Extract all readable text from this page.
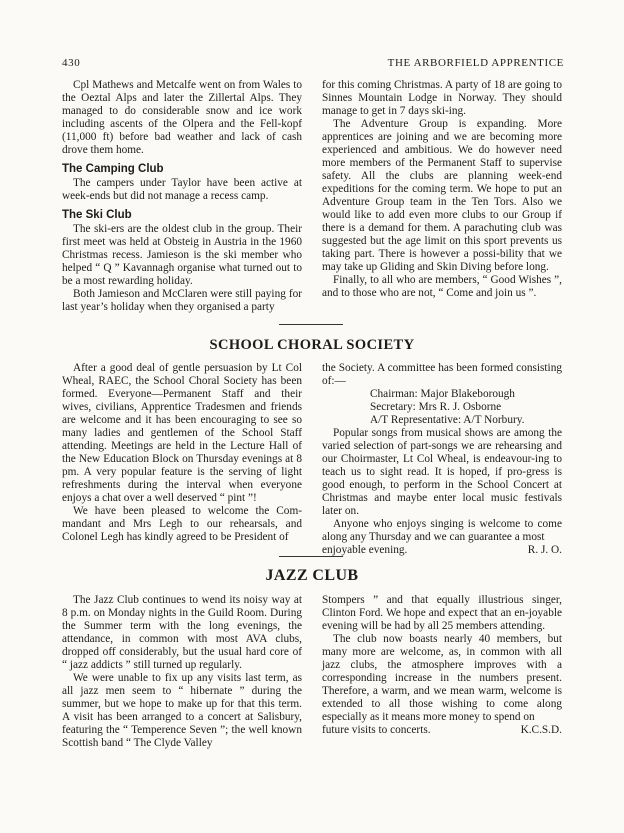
430	THE ARBORFIELD APPRENTICE

Cpl Mathews and Metcalfe went on from Wales to the Oeztal Alps and later the Zillertal Alps. They managed to do considerable snow and ice work including ascents of the Olpera and the Fell-kopf (11,000 ft) before bad weather and lack of cash drove them home.

The Camping Club

The campers under Taylor have been active at week-ends but did not manage a recess camp.

The Ski Club

The ski-ers are the oldest club in the group. Their first meet was held at Obsteig in Austria in the 1960 Christmas recess. Jamieson is the ski member who helped “ Q ” Kavannagh organise what turned out to be a most rewarding holiday.

Both Jamieson and McClaren were still paying for last year’s holiday when they organised a party

for this coming Christmas. A party of 18 are going to Sinnes Mountain Lodge in Norway. They should manage to get in 7 days ski-ing.

The Adventure Group is expanding. More apprentices are joining and we are becoming more experienced and ambitious. We do however need more members of the Permanent Staff to supervise safety. All the clubs are planning week-end expeditions for the coming term. We hope to put an Adventure Group team in the Ten Tors. Also we would like to add even more clubs to our Group if there is a demand for them. A parachuting club was suggested but the age limit on this sport prevents us taking part. There is however a possi-bility that we may take up Gliding and Skin Diving before long.

Finally, to all who are members, “ Good Wishes ”, and to those who are not, “ Come and join us ”.

SCHOOL CHORAL SOCIETY

After a good deal of gentle persuasion by Lt Col Wheal, RAEC, the School Choral Society has been formed. Everyone—Permanent Staff and their wives, civilians, Apprentice Tradesmen and friends are welcome and it has been encouraging to see so many ladies and gentlemen of the School Staff attending. Meetings are held in the Lecture Hall of the New Education Block on Thursday evenings at 8 pm. A very popular feature is the serving of light refreshments during the interval when everyone enjoys a chat over a well deserved “ pint ”!

We have been pleased to welcome the Com-mandant and Mrs Legh to our rehearsals, and Colonel Legh has kindly agreed to be President of

the Society. A committee has been formed consisting of:—

Chairman: Major Blakeborough

Secretary: Mrs R. J. Osborne

A/T Representative: A/T Norbury.

Popular songs from musical shows are among the varied selection of part-songs we are rehearsing and our Choirmaster, Lt Col Wheal, is endeavour-ing to teach us to sight read. It is hoped, if pro-gress is good enough, to perform in the School Concert at Christmas and maybe enter local music festivals later on.

Anyone who enjoys singing is welcome to come along any Thursday and we can guarantee a most

enjoyable evening.	R. J. O.
JAZZ CLUB

The Jazz Club continues to wend its noisy way at 8 p.m. on Monday nights in the Guild Room. During the Summer term with the long evenings, the attendance, in common with most AVA clubs, dropped off considerably, but the usual hard core of “ jazz addicts ” still turned up regularly.

We were unable to fix up any visits last term, as all jazz men seem to “ hibernate ” during the summer, but we hope to make up for that this term. A visit has been arranged to a concert at Salisbury, featuring the “ Temperence Seven ”; the well known Scottish band “ The Clyde Valley

Stompers ” and that equally illustrious singer, Clinton Ford. We hope and expect that an en-joyable evening will be had by all 25 members attending.

The club now boasts nearly 40 members, but many more are welcome, as, in common with all jazz clubs, the atmosphere improves with a corresponding increase in the numbers present. Therefore, a warm, and we mean warm, welcome is extended to all those wishing to come along especially as it means more money to spend on

future visits to concerts.	K.C.S.D.
